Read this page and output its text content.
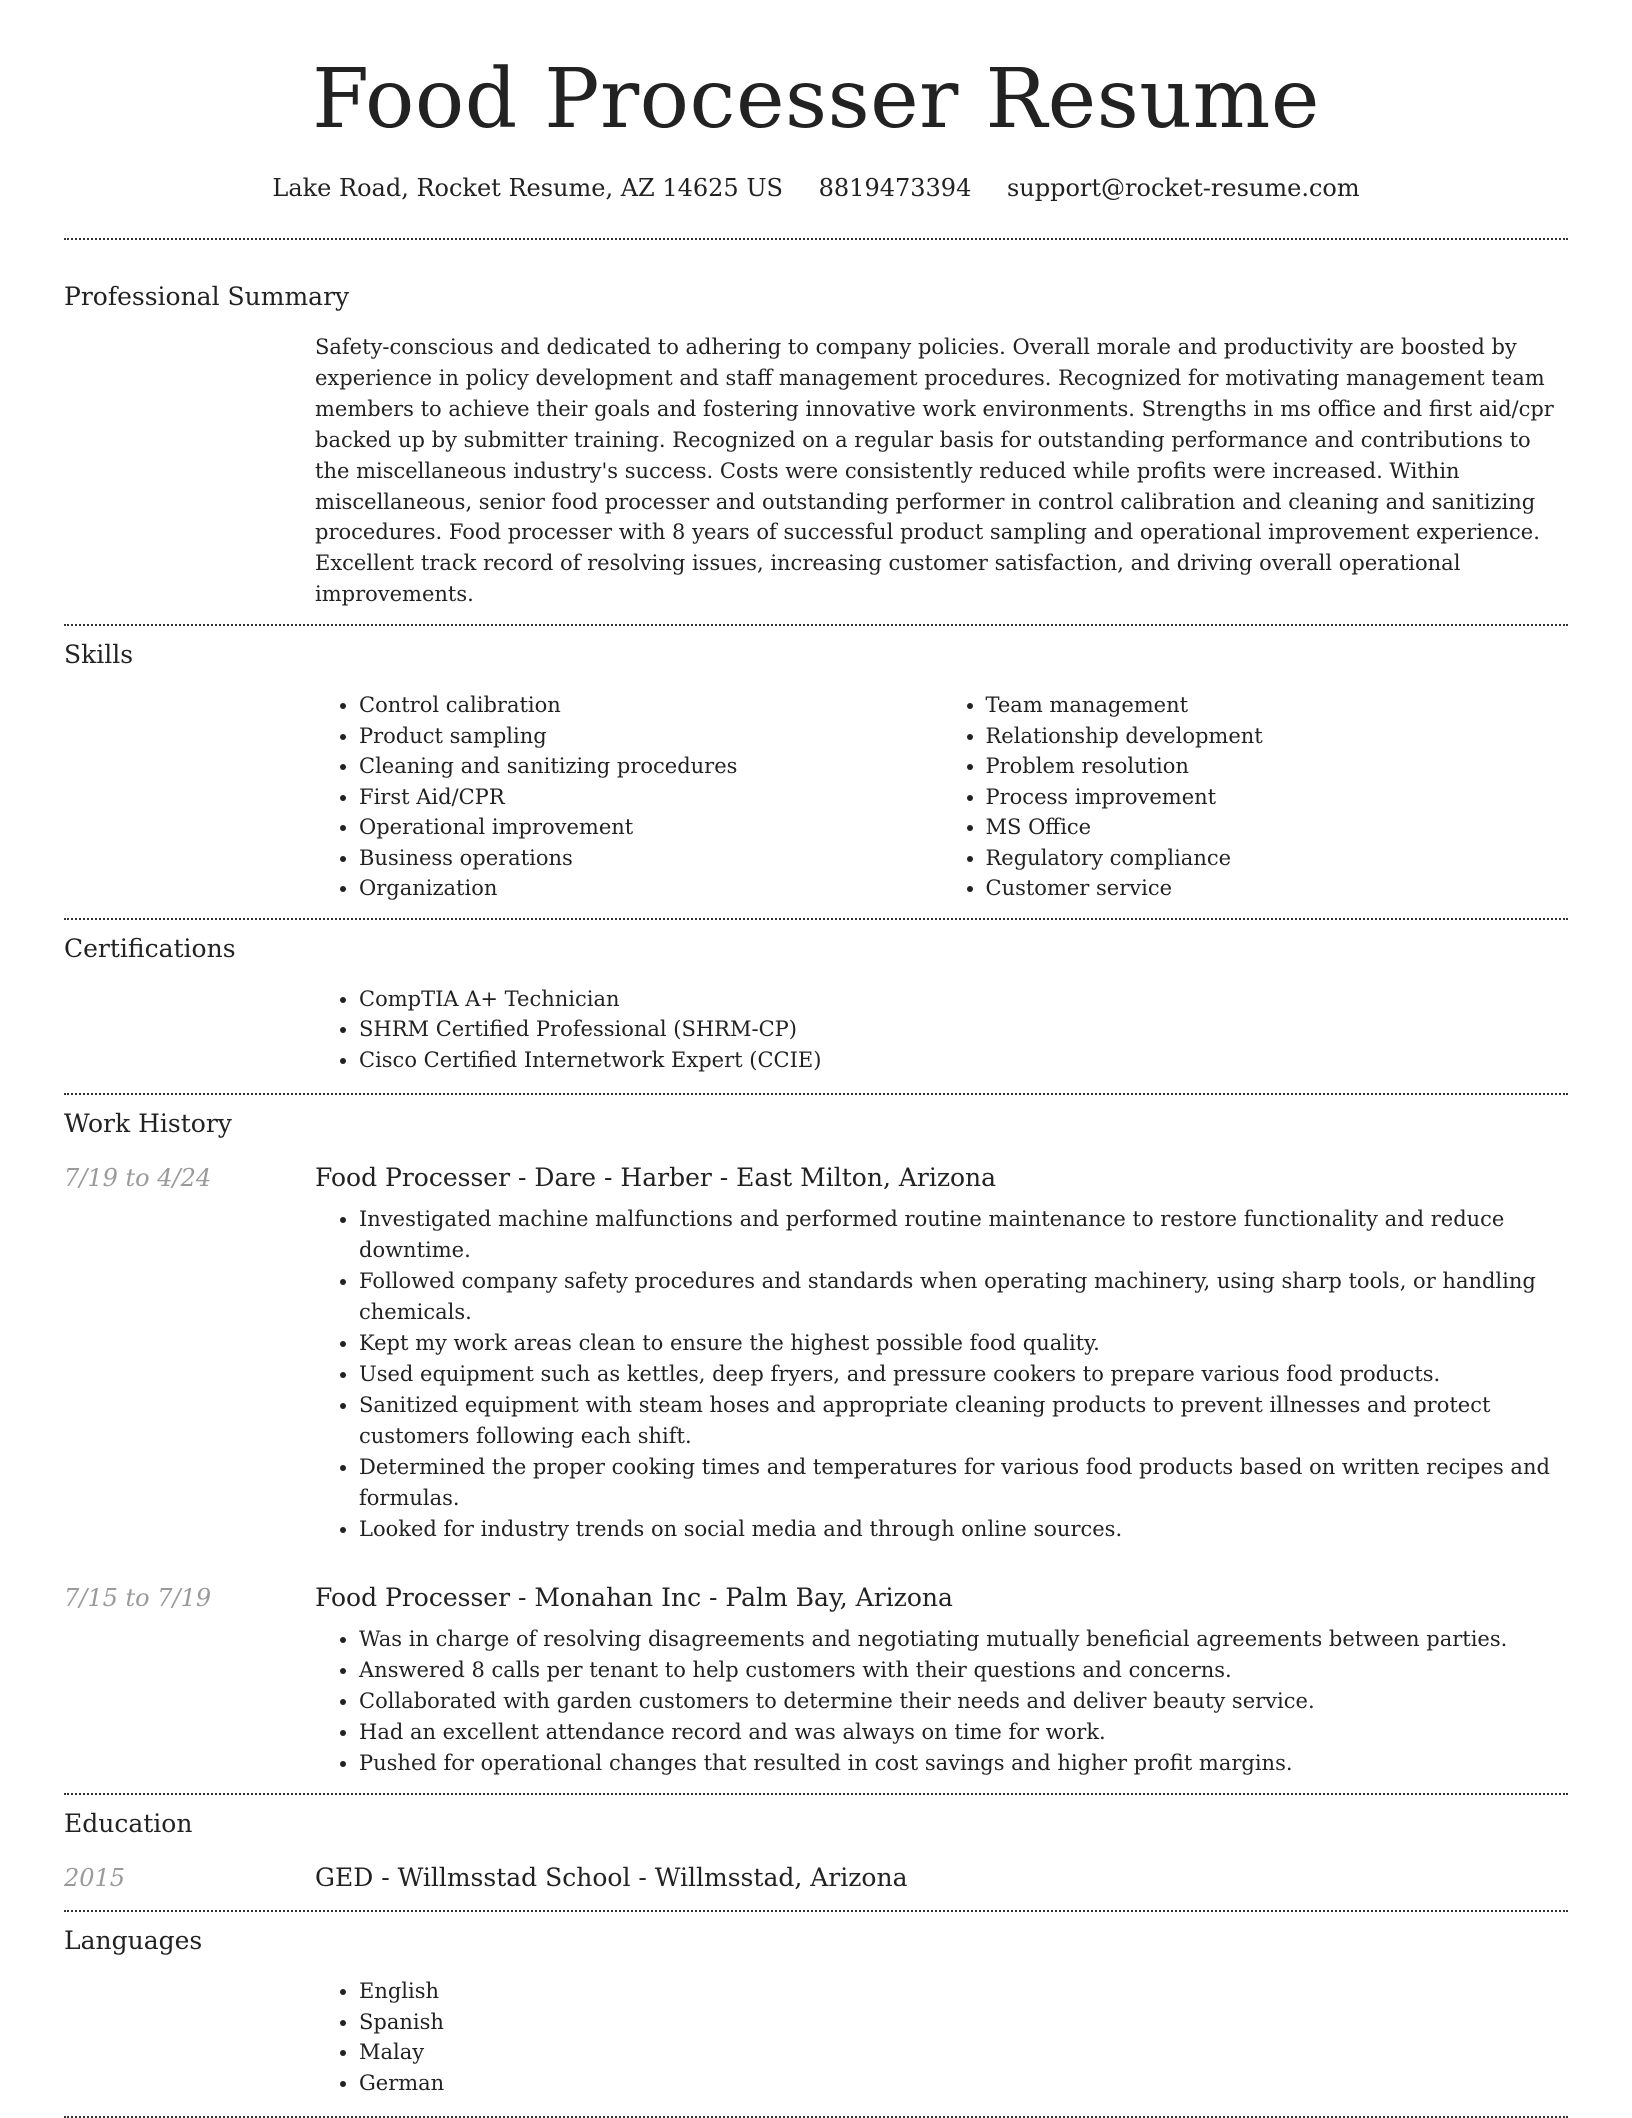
Food Processer Resume
Lake Road, Rocket Resume, AZ 14625 US 8819473394 support@rocket-resume.com
Professional Summary
Safety-conscious and dedicated to adhering to company policies. Overall morale and productivity are boosted by experience in policy development and staff management procedures. Recognized for motivating management team members to achieve their goals and fostering innovative work environments. Strengths in ms office and first aid/cpr backed up by submitter training. Recognized on a regular basis for outstanding performance and contributions to the miscellaneous industry's success. Costs were consistently reduced while profits were increased. Within miscellaneous, senior food processer and outstanding performer in control calibration and cleaning and sanitizing procedures. Food processer with 8 years of successful product sampling and operational improvement experience. Excellent track record of resolving issues, increasing customer satisfaction, and driving overall operational improvements.
Skills
• Control calibration
• Product sampling
• Cleaning and sanitizing procedures
• First Aid/CPR
• Operational improvement
• Business operations
• Organization
• Team management
• Relationship development
• Problem resolution
• Process improvement
• MS Office
• Regulatory compliance
• Customer service
Certifications
• CompTIA A+ Technician
• SHRM Certified Professional (SHRM-CP)
• Cisco Certified Internetwork Expert (CCIE)
Work History
7/19 to 4/24	Food Processer - Dare - Harber - East Milton, Arizona
• Investigated machine malfunctions and performed routine maintenance to restore functionality and reduce downtime.
• Followed company safety procedures and standards when operating machinery, using sharp tools, or handling chemicals.
• Kept my work areas clean to ensure the highest possible food quality.
• Used equipment such as kettles, deep fryers, and pressure cookers to prepare various food products.
• Sanitized equipment with steam hoses and appropriate cleaning products to prevent illnesses and protect customers following each shift.
• Determined the proper cooking times and temperatures for various food products based on written recipes and formulas.
• Looked for industry trends on social media and through online sources.
7/15 to 7/19	Food Processer - Monahan Inc - Palm Bay, Arizona
• Was in charge of resolving disagreements and negotiating mutually beneficial agreements between parties.
• Answered 8 calls per tenant to help customers with their questions and concerns.
• Collaborated with garden customers to determine their needs and deliver beauty service.
• Had an excellent attendance record and was always on time for work.
• Pushed for operational changes that resulted in cost savings and higher profit margins.
Education
2015	GED - Willmsstad School - Willmsstad, Arizona
Languages
• English
• Spanish
• Malay
• German
